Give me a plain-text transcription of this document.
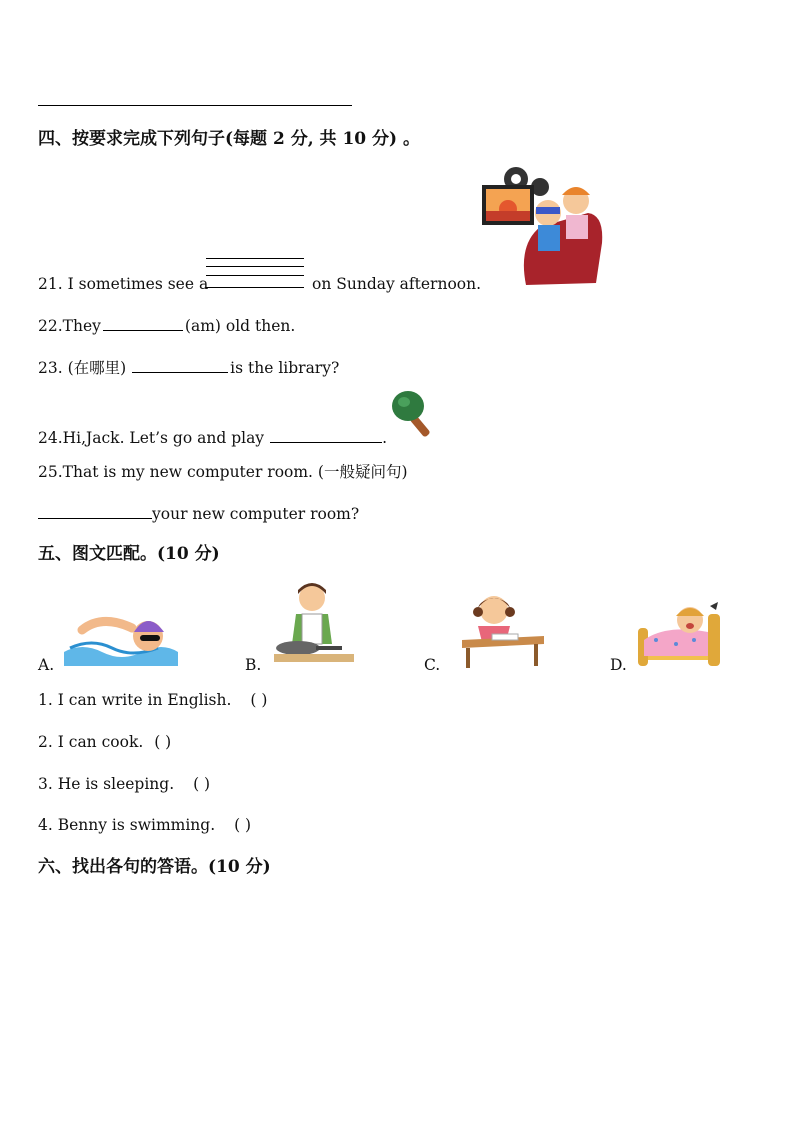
四、按要求完成下列句子(每题 2 分, 共 10 分) 。
21. I sometimes see a	on Sunday afternoon.
22.They	(am) old then.
23. (在哪里)	is the library?
24.Hi,Jack. Let’s go and play	.
25.That is my new computer room. (一般疑问句)
your new computer room?
五、图文匹配。(10 分)
A.	B.	C.	D.
1. I can write in English. ( )
2. I can cook. ( )
3. He is sleeping. ( )
4. Benny is swimming. ( )
六、找出各句的答语。(10 分)
